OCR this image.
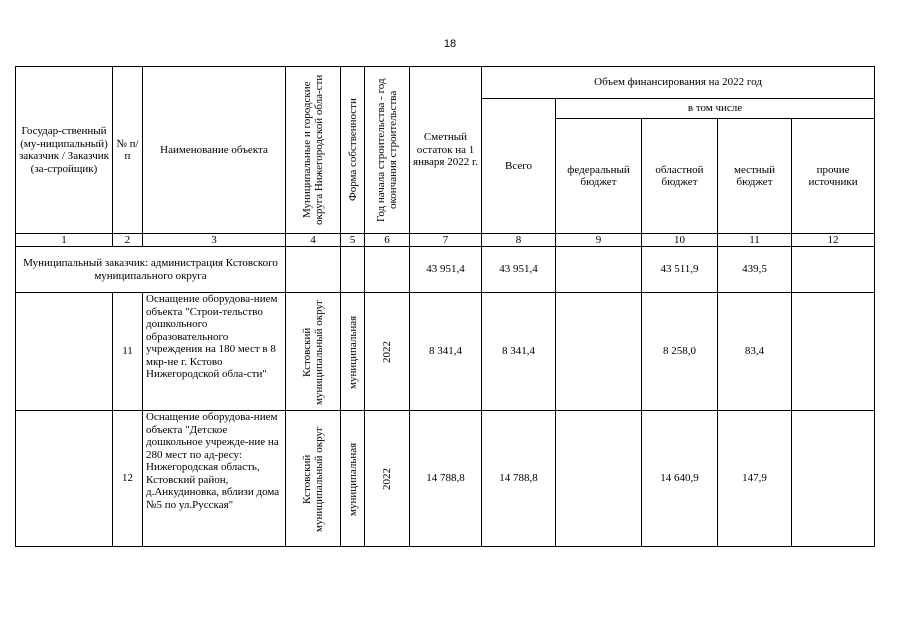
18
Государ-ственный (му-ниципальный) заказчик / Заказчик (за-стройщик)	№ п/п	Наименование объекта	Муниципальные и городские округа Нижегородской обла-сти	Форма собственности	Год начала строительства - год окончания строительства	Сметный остаток на 1 января 2022 г.	Объем финансирования на 2022 год				
							Всего	в том числе			
								федеральный бюджет	областной бюджет	местный бюджет	прочие источники
1	2	3	4	5	6	7	8	9	10	11	12
Муниципальный заказчик: администрация Кстовского муниципального округа						43 951,4	43 951,4		43 511,9	439,5	
	11	Оснащение оборудова-нием объекта "Строи-тельство дошкольного образовательного учреждения на 180 мест в 8 мкр-не г. Кстово Нижегородской обла-сти"	Кстовский муниципальный округ	муниципальная	2022	8 341,4	8 341,4		8 258,0	83,4	
	12	Оснащение оборудова-нием объекта "Детское дошкольное учрежде-ние на 280 мест по ад-ресу: Нижегородская область, Кстовский район, д.Анкудиновка, вблизи дома №5 по ул.Русская"	Кстовский муниципальный округ	муниципальная	2022	14 788,8	14 788,8		14 640,9	147,9	
